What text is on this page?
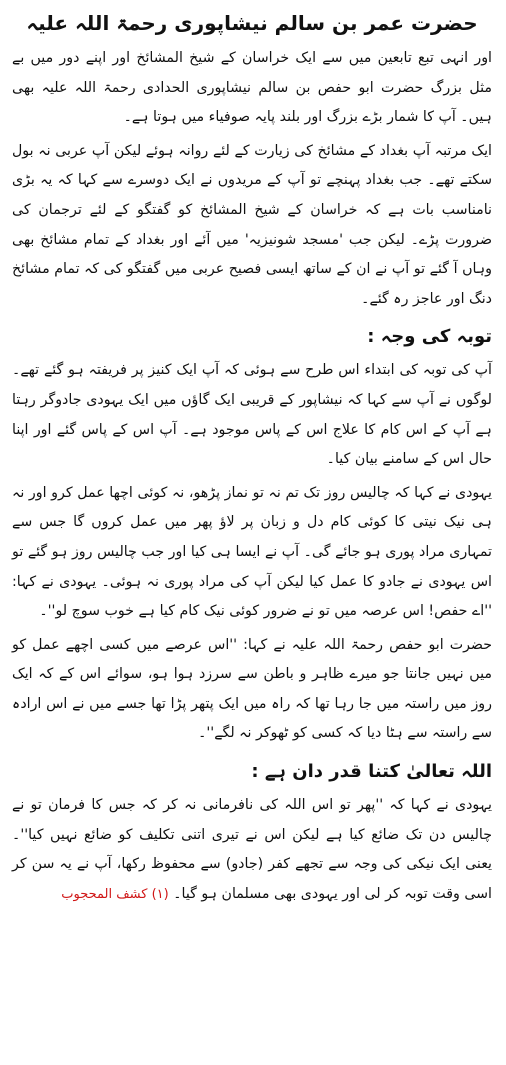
حضرت عمر بن سالم نیشاپوری رحمۃ اللہ علیہ

اور انہی تبع تابعین میں سے ایک خراسان کے شیخ المشائخ اور اپنے دور میں بے مثل بزرگ حضرت ابو حفص بن سالم نیشاپوری الحدادی رحمۃ اللہ علیہ بھی ہیں۔ آپ کا شمار بڑے بزرگ اور بلند پایہ صوفیاء میں ہوتا ہے۔

ایک مرتبہ آپ بغداد کے مشائخ کی زیارت کے لئے روانہ ہوئے لیکن آپ عربی نہ بول سکتے تھے۔ جب بغداد پہنچے تو آپ کے مریدوں نے ایک دوسرے سے کہا کہ یہ بڑی نامناسب بات ہے کہ خراسان کے شیخ المشائخ کو گفتگو کے لئے ترجمان کی ضرورت پڑے۔ لیکن جب 'مسجد شونیزیہ' میں آئے اور بغداد کے تمام مشائخ بھی وہاں آ گئے تو آپ نے ان کے ساتھ ایسی فصیح عربی میں گفتگو کی کہ تمام مشائخ دنگ اور عاجز رہ گئے۔

توبہ کی وجہ :

آپ کی توبہ کی ابتداء اس طرح سے ہوئی کہ آپ ایک کنیز پر فریفتہ ہو گئے تھے۔ لوگوں نے آپ سے کہا کہ نیشاپور کے قریبی ایک گاؤں میں ایک یہودی جادوگر رہتا ہے آپ کے اس کام کا علاج اس کے پاس موجود ہے۔ آپ اس کے پاس گئے اور اپنا حال اس کے سامنے بیان کیا۔

یہودی نے کہا کہ چالیس روز تک تم نہ تو نماز پڑھو، نہ کوئی اچھا عمل کرو اور نہ ہی نیک نیتی کا کوئی کام دل و زبان پر لاؤ پھر میں عمل کروں گا جس سے تمہاری مراد پوری ہو جائے گی۔ آپ نے ایسا ہی کیا اور جب چالیس روز ہو گئے تو اس یہودی نے جادو کا عمل کیا لیکن آپ کی مراد پوری نہ ہوئی۔ یہودی نے کہا: ''اے حفص! اس عرصہ میں تو نے ضرور کوئی نیک کام کیا ہے خوب سوچ لو''۔

حضرت ابو حفص رحمۃ اللہ علیہ نے کہا: ''اس عرصے میں کسی اچھے عمل کو میں نہیں جانتا جو میرے ظاہر و باطن سے سرزد ہوا ہو، سوائے اس کے کہ ایک روز میں راستہ میں جا رہا تھا کہ راہ میں ایک پتھر پڑا تھا جسے میں نے اس ارادہ سے راستہ سے ہٹا دیا کہ کسی کو ٹھوکر نہ لگے''۔

اللہ تعالیٰ کتنا قدر دان ہے :

یہودی نے کہا کہ ''پھر تو اس اللہ کی نافرمانی نہ کر کہ جس کا فرمان تو نے چالیس دن تک ضائع کیا ہے لیکن اس نے تیری اتنی تکلیف کو ضائع نہیں کیا''۔ یعنی ایک نیکی کی وجہ سے تجھے کفر (جادو) سے محفوظ رکھا، آپ نے یہ سن کر اسی وقت توبہ کر لی اور یہودی بھی مسلمان ہو گیا۔ (۱) کشف المحجوب
